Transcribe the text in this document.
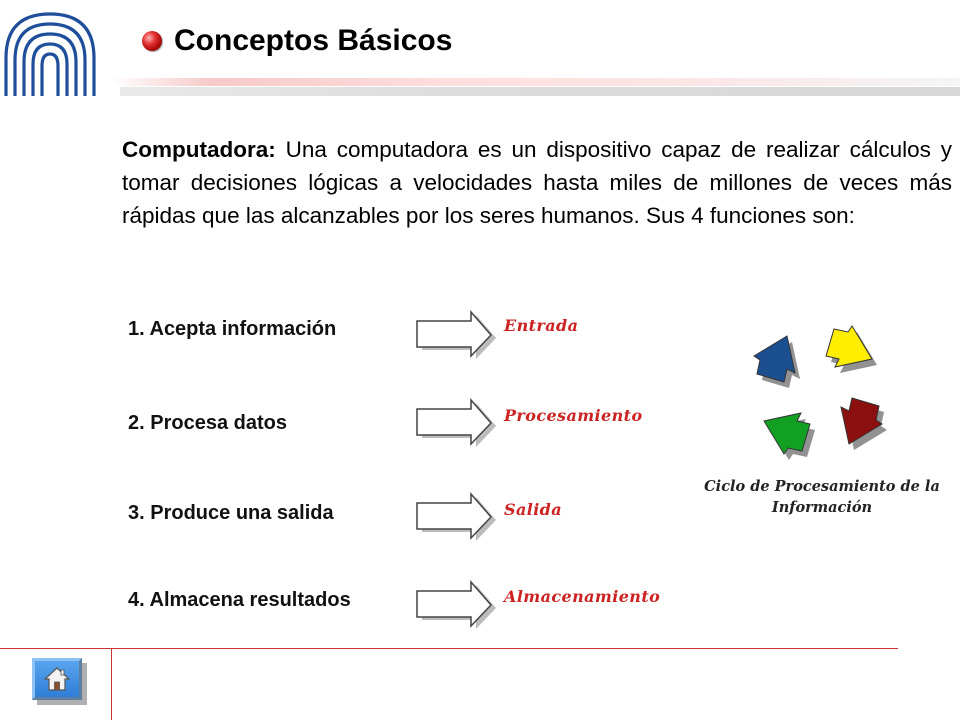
Conceptos Básicos
Computadora: Una computadora es un dispositivo capaz de realizar cálculos y tomar decisiones lógicas a velocidades hasta miles de millones de veces más rápidas que las alcanzables por los seres humanos. Sus 4 funciones son:
1. Acepta información	Entrada
2. Procesa datos	Procesamiento
3. Produce una salida	Salida
4. Almacena resultados	Almacenamiento
Ciclo de Procesamiento de la Información
